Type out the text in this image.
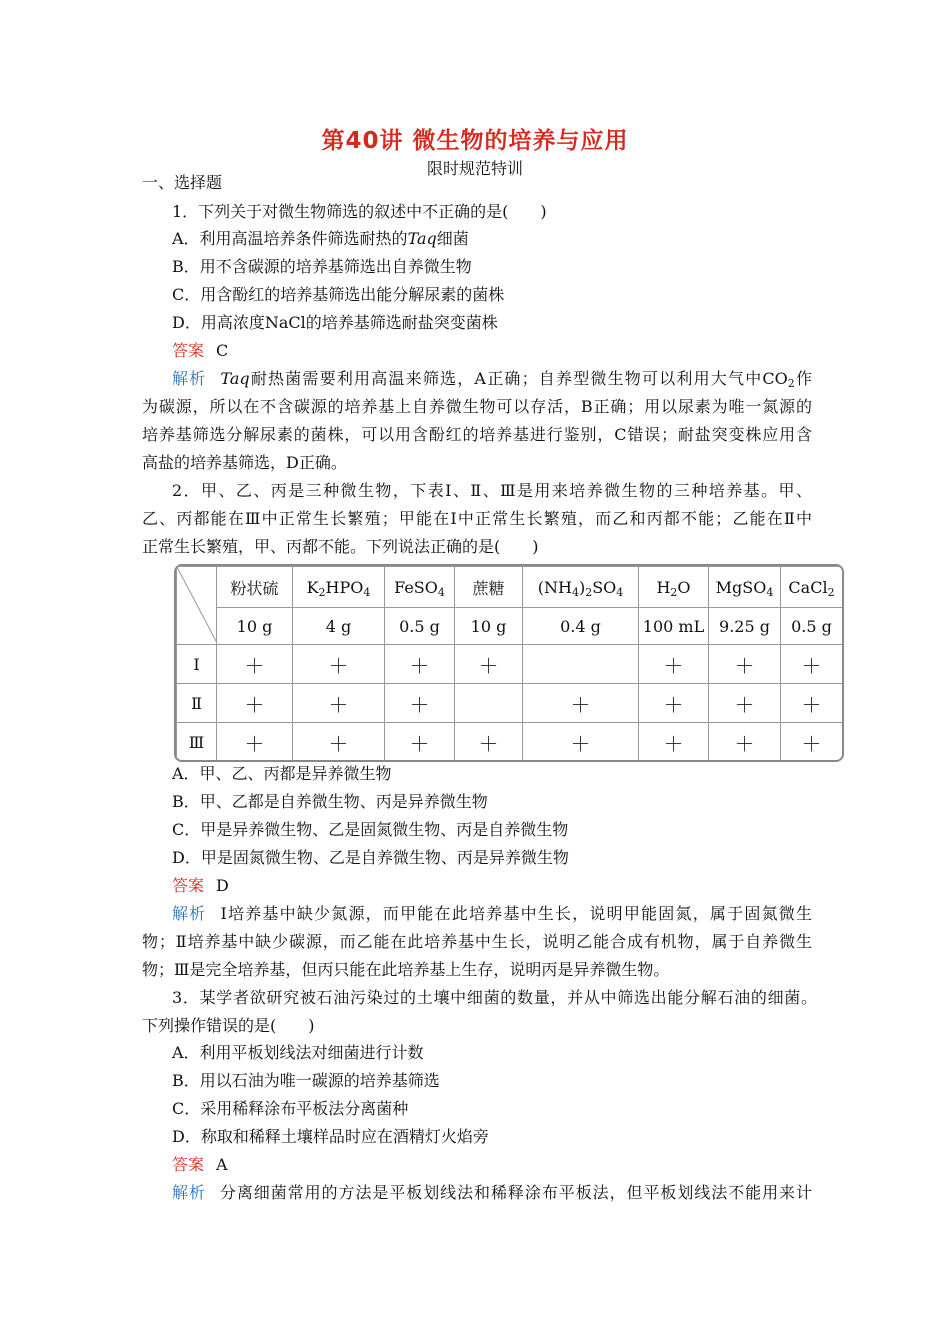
第40讲 微生物的培养与应用
限时规范特训
一、选择题
1．下列关于对微生物筛选的叙述中不正确的是(　　)
A．利用高温培养条件筛选耐热的Taq细菌
B．用不含碳源的培养基筛选出自养微生物
C．用含酚红的培养基筛选出能分解尿素的菌株
D．用高浓度NaCl的培养基筛选耐盐突变菌株
答案 C
解析 Taq耐热菌需要利用高温来筛选，A正确；自养型微生物可以利用大气中$CO_2$作
为碳源，所以在不含碳源的培养基上自养微生物可以存活，B正确；用以尿素为唯一氮源的
培养基筛选分解尿素的菌株，可以用含酚红的培养基进行鉴别，C错误；耐盐突变株应用含
高盐的培养基筛选，D正确。
2．甲、乙、丙是三种微生物，下表Ⅰ、Ⅱ、Ⅲ是用来培养微生物的三种培养基。甲、
乙、丙都能在Ⅲ中正常生长繁殖；甲能在Ⅰ中正常生长繁殖，而乙和丙都不能；乙能在Ⅱ中
正常生长繁殖，甲、丙都不能。下列说法正确的是(　　)
	粉状硫	$K_2HPO_4$	FeSO$_4$	蔗糖	$(NH_4)_2SO_4$	$H_2O$	MgSO$_4$	CaCl$_2$
	10 g	4 g	0.5 g	10 g	0.4 g	100 mL	9.25 g	0.5 g
Ⅰ	＋	＋	＋	＋		＋	＋	＋
Ⅱ	＋	＋	＋		＋	＋	＋	＋
Ⅲ	＋	＋	＋	＋	＋	＋	＋	＋
A．甲、乙、丙都是异养微生物
B．甲、乙都是自养微生物、丙是异养微生物
C．甲是异养微生物、乙是固氮微生物、丙是自养微生物
D．甲是固氮微生物、乙是自养微生物、丙是异养微生物
答案 D
解析 Ⅰ培养基中缺少氮源，而甲能在此培养基中生长，说明甲能固氮，属于固氮微生
物；Ⅱ培养基中缺少碳源，而乙能在此培养基中生长，说明乙能合成有机物，属于自养微生
物；Ⅲ是完全培养基，但丙只能在此培养基上生存，说明丙是异养微生物。
3．某学者欲研究被石油污染过的土壤中细菌的数量，并从中筛选出能分解石油的细菌。
下列操作错误的是(　　)
A．利用平板划线法对细菌进行计数
B．用以石油为唯一碳源的培养基筛选
C．采用稀释涂布平板法分离菌种
D．称取和稀释土壤样品时应在酒精灯火焰旁
答案 A
解析 分离细菌常用的方法是平板划线法和稀释涂布平板法，但平板划线法不能用来计
